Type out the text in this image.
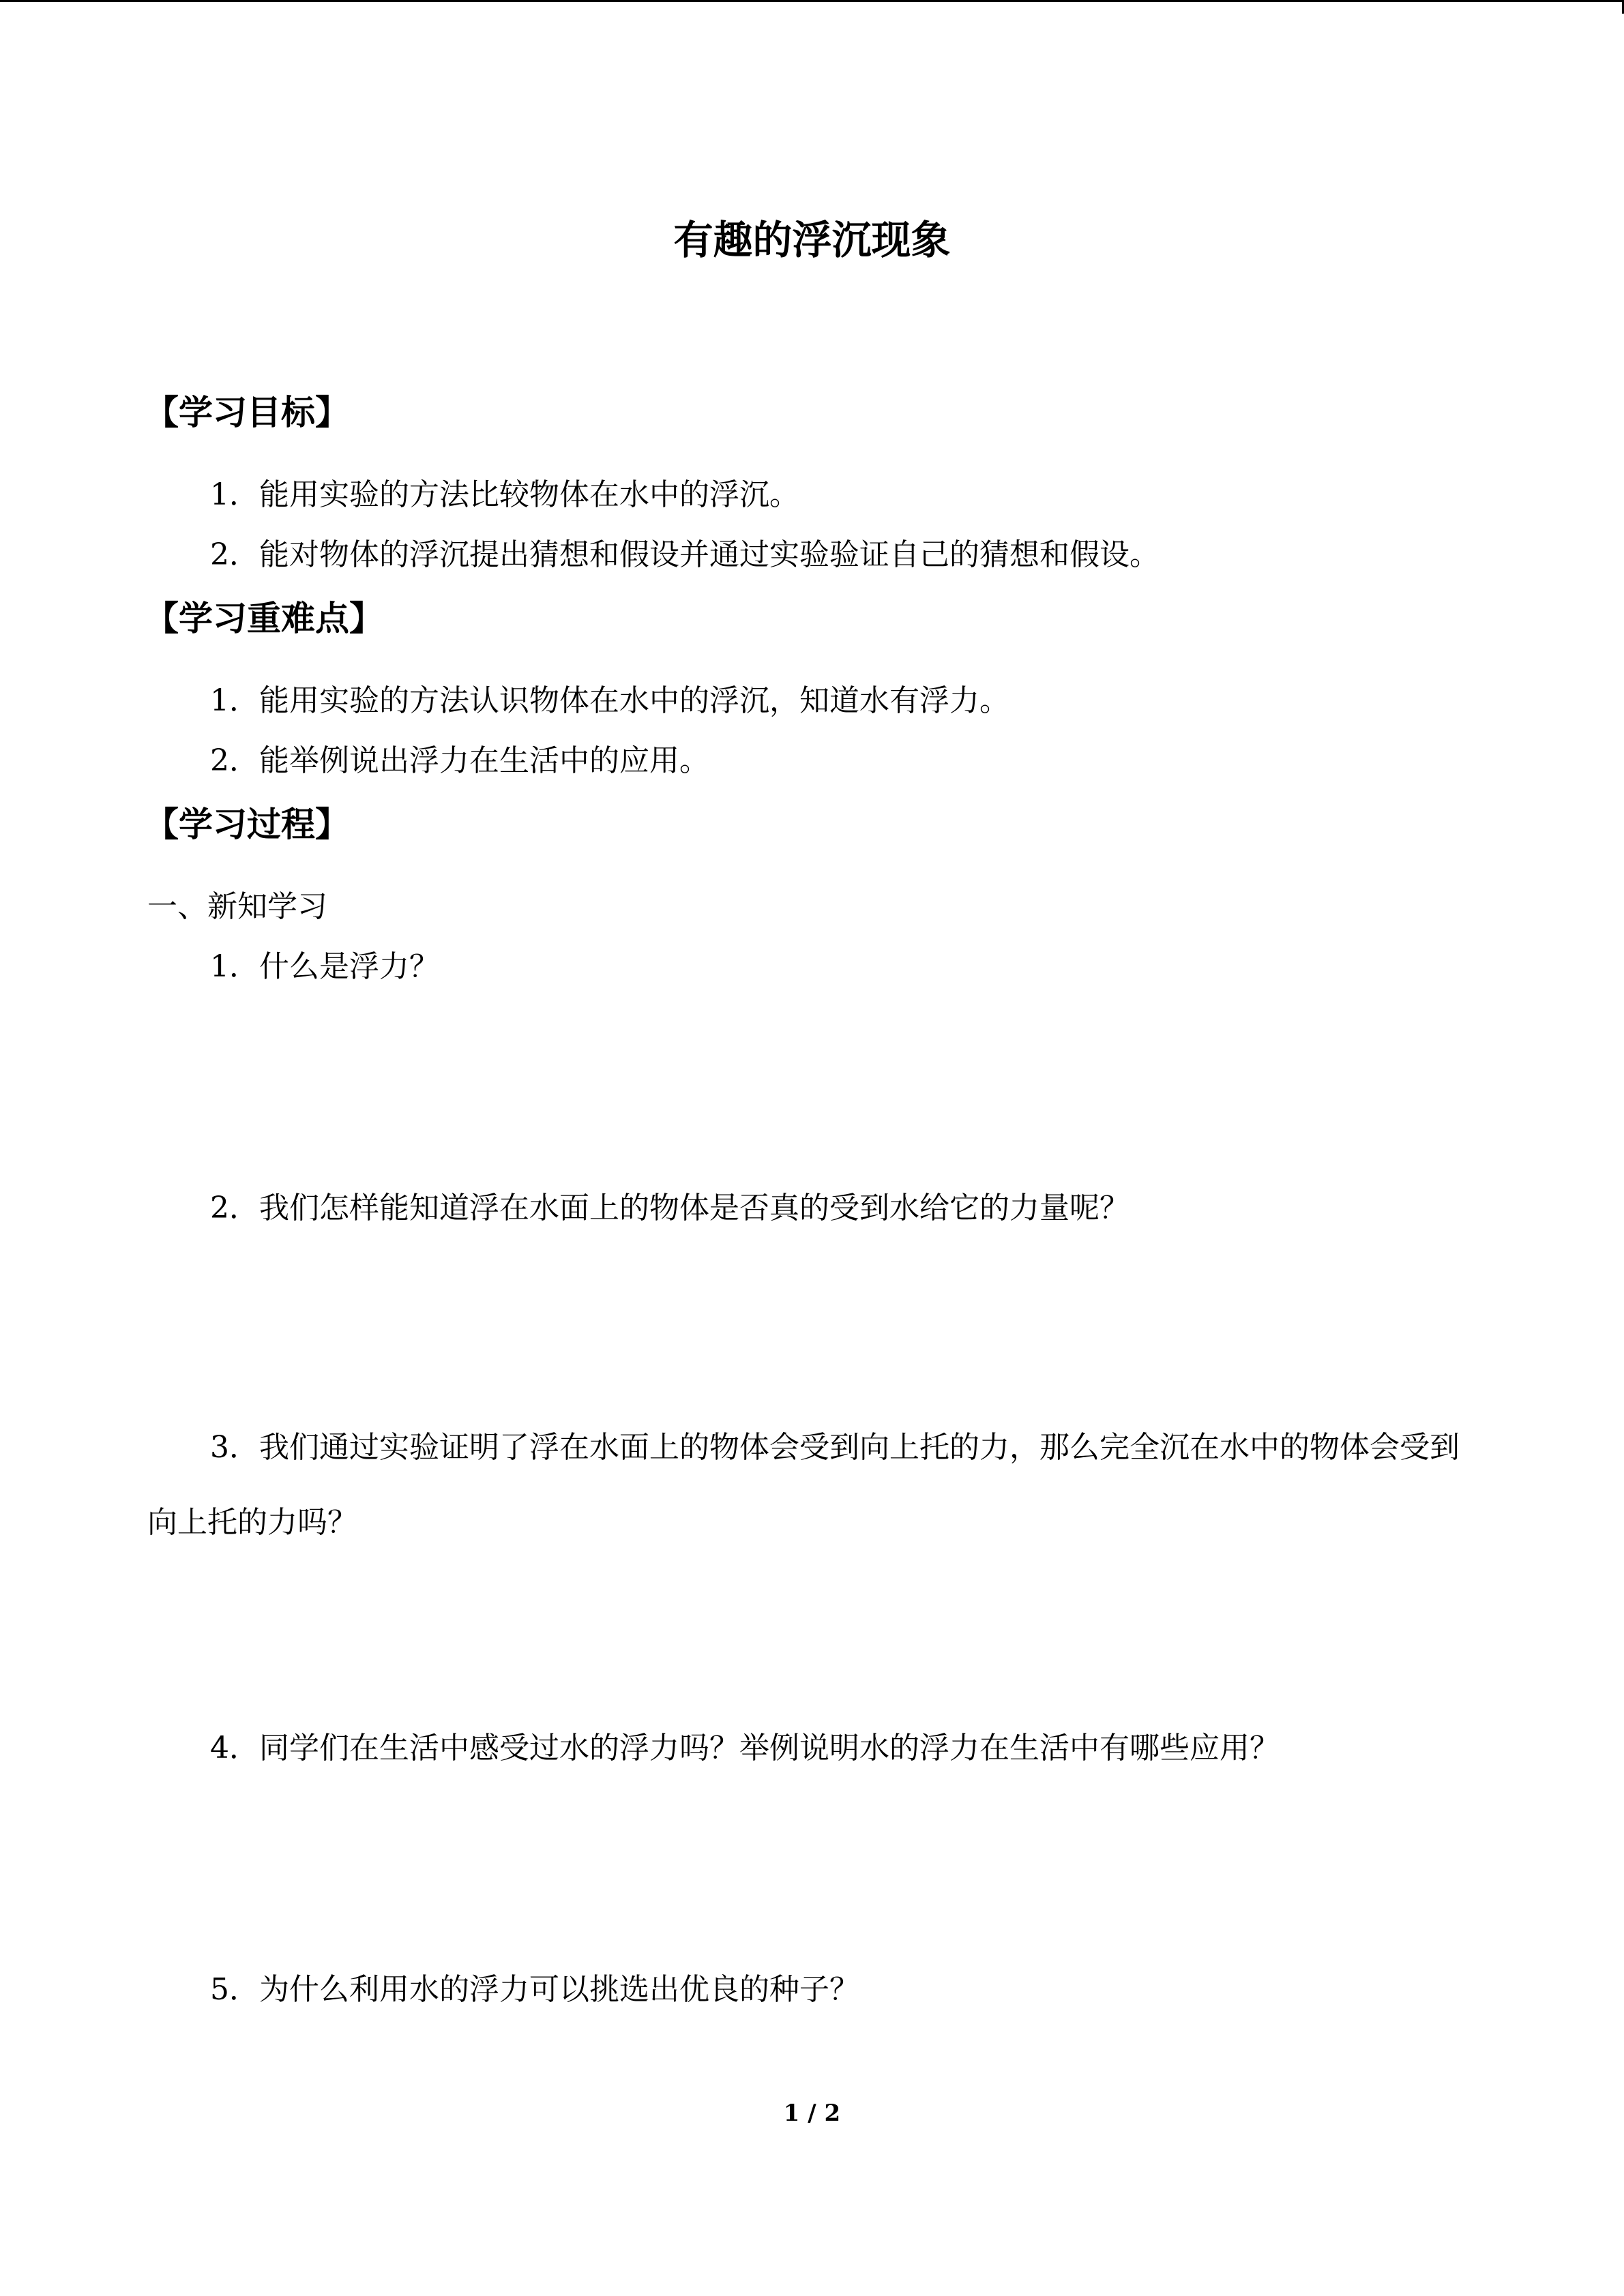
有趣的浮沉现象
【学习目标】
1．能用实验的方法比较物体在水中的浮沉。
2．能对物体的浮沉提出猜想和假设并通过实验验证自己的猜想和假设。
【学习重难点】
1．能用实验的方法认识物体在水中的浮沉，知道水有浮力。
2．能举例说出浮力在生活中的应用。
【学习过程】
一、新知学习
1．什么是浮力？
2．我们怎样能知道浮在水面上的物体是否真的受到水给它的力量呢？
3．我们通过实验证明了浮在水面上的物体会受到向上托的力，那么完全沉在水中的物体会受到向上托的力吗？
4．同学们在生活中感受过水的浮力吗？举例说明水的浮力在生活中有哪些应用？
5．为什么利用水的浮力可以挑选出优良的种子？
1 / 2
